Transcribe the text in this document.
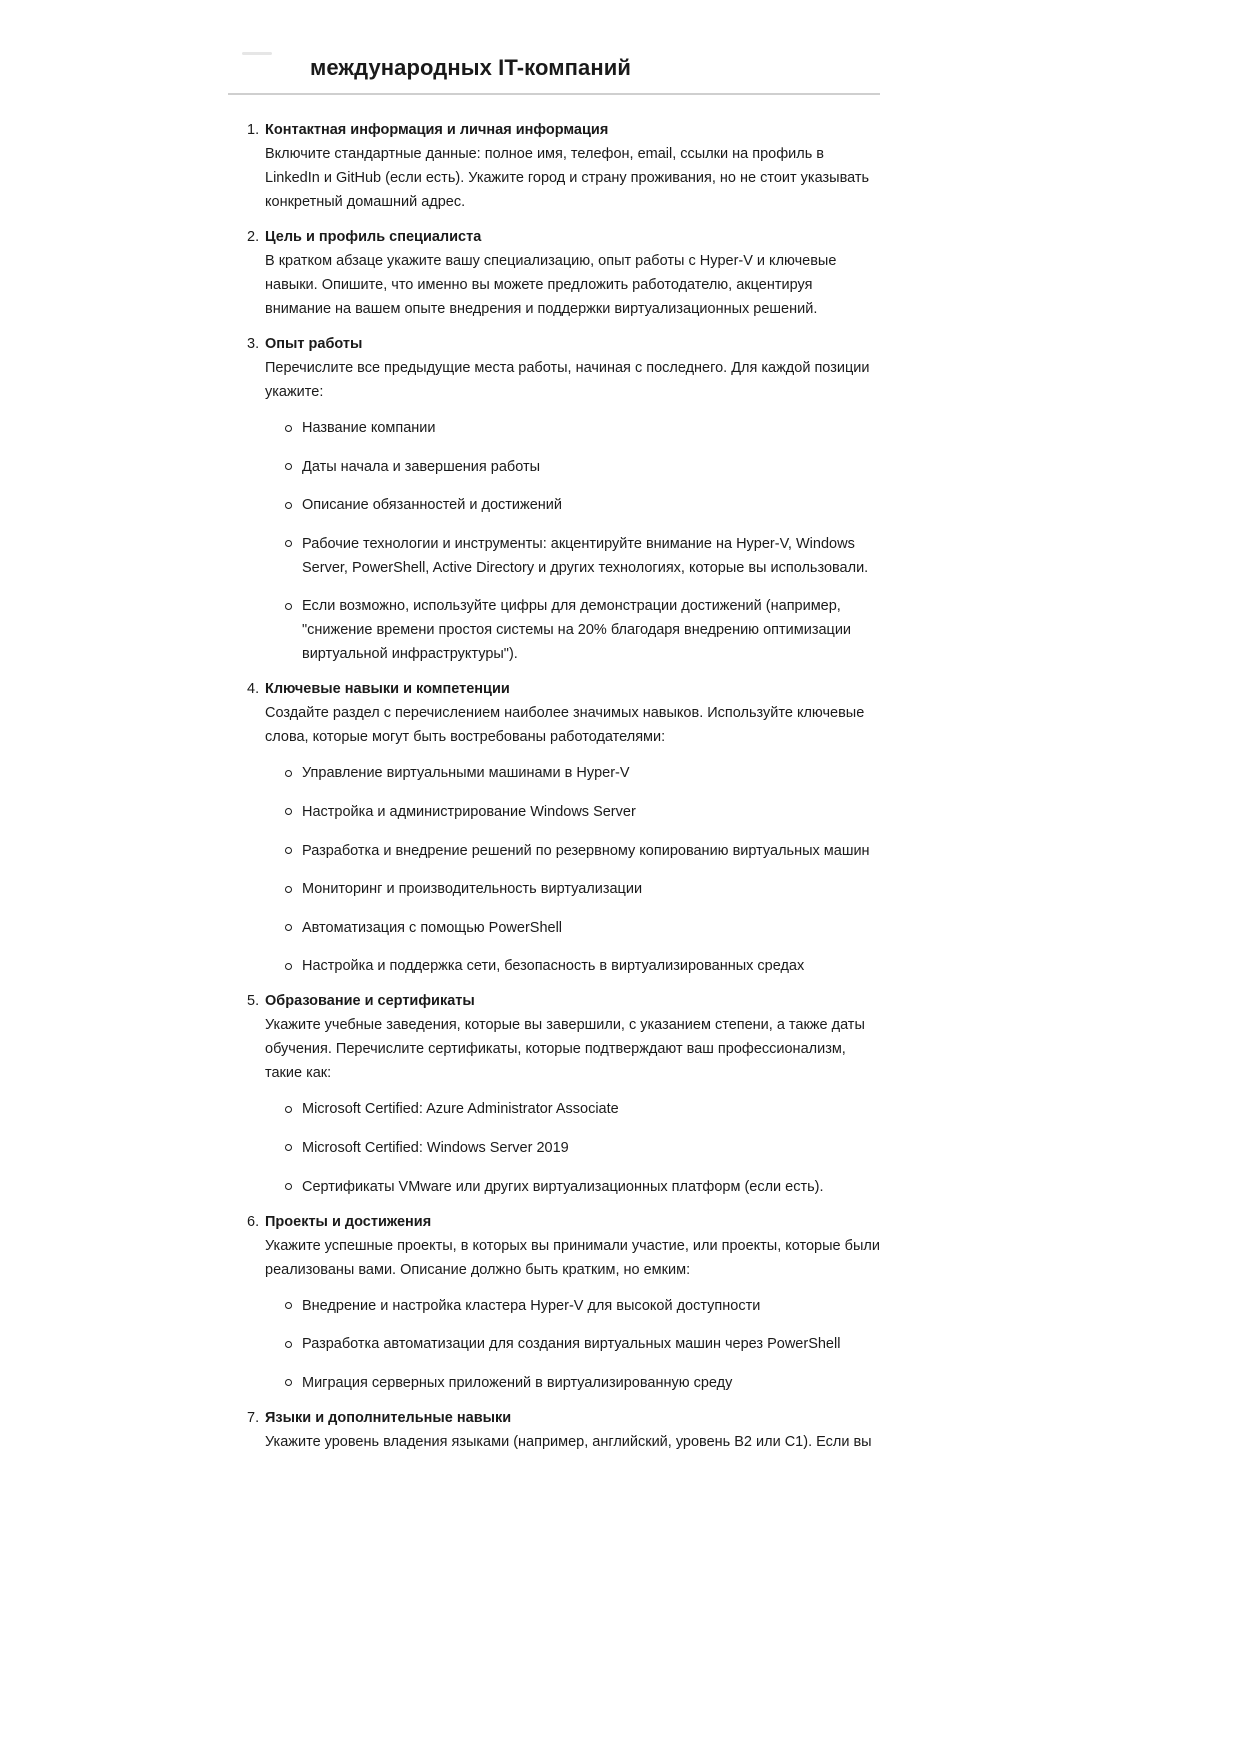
международных IT-компаний
1. Контактная информация и личная информация
Включите стандартные данные: полное имя, телефон, email, ссылки на профиль в LinkedIn и GitHub (если есть). Укажите город и страну проживания, но не стоит указывать конкретный домашний адрес.
2. Цель и профиль специалиста
В кратком абзаце укажите вашу специализацию, опыт работы с Hyper-V и ключевые навыки. Опишите, что именно вы можете предложить работодателю, акцентируя внимание на вашем опыте внедрения и поддержки виртуализационных решений.
3. Опыт работы
Перечислите все предыдущие места работы, начиная с последнего. Для каждой позиции укажите:
Название компании
Даты начала и завершения работы
Описание обязанностей и достижений
Рабочие технологии и инструменты: акцентируйте внимание на Hyper-V, Windows Server, PowerShell, Active Directory и других технологиях, которые вы использовали.
Если возможно, используйте цифры для демонстрации достижений (например, "снижение времени простоя системы на 20% благодаря внедрению оптимизации виртуальной инфраструктуры").
4. Ключевые навыки и компетенции
Создайте раздел с перечислением наиболее значимых навыков. Используйте ключевые слова, которые могут быть востребованы работодателями:
Управление виртуальными машинами в Hyper-V
Настройка и администрирование Windows Server
Разработка и внедрение решений по резервному копированию виртуальных машин
Мониторинг и производительность виртуализации
Автоматизация с помощью PowerShell
Настройка и поддержка сети, безопасность в виртуализированных средах
5. Образование и сертификаты
Укажите учебные заведения, которые вы завершили, с указанием степени, а также даты обучения. Перечислите сертификаты, которые подтверждают ваш профессионализм, такие как:
Microsoft Certified: Azure Administrator Associate
Microsoft Certified: Windows Server 2019
Сертификаты VMware или других виртуализационных платформ (если есть).
6. Проекты и достижения
Укажите успешные проекты, в которых вы принимали участие, или проекты, которые были реализованы вами. Описание должно быть кратким, но емким:
Внедрение и настройка кластера Hyper-V для высокой доступности
Разработка автоматизации для создания виртуальных машин через PowerShell
Миграция серверных приложений в виртуализированную среду
7. Языки и дополнительные навыки
Укажите уровень владения языками (например, английский, уровень B2 или C1). Если вы
